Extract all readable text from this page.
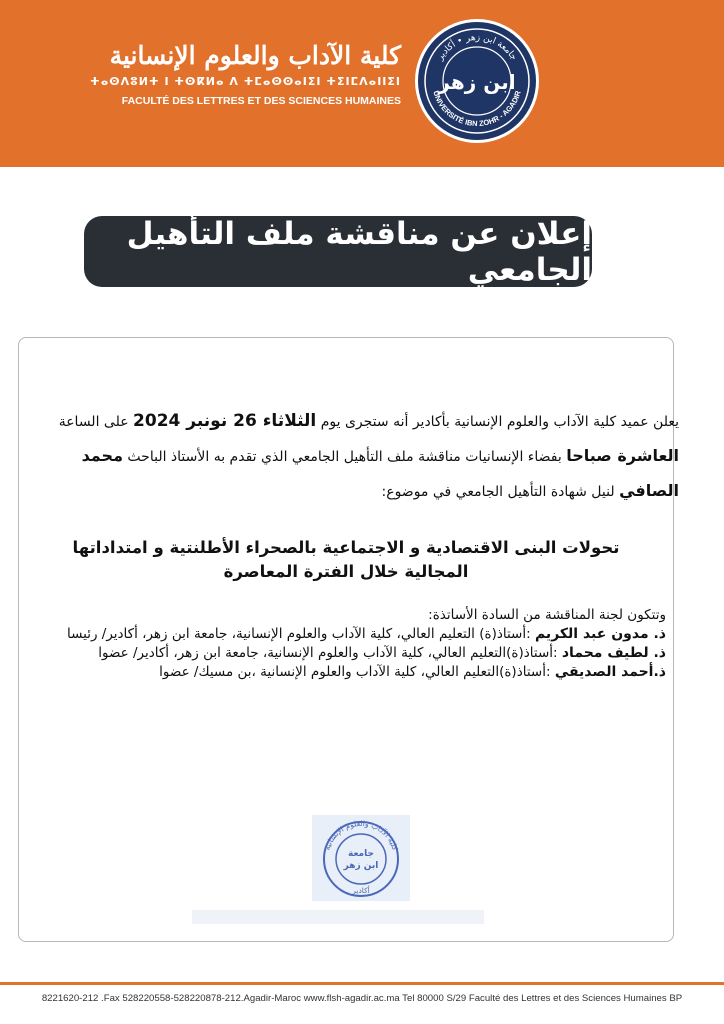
كلية الآداب والعلوم الإنسانية
ⵜⴰⵙⴷⵓⵍⵜ ⵏ ⵜⵙⴽⵍⴰ ⴷ ⵜⵎⴰⵙⵙⴰⵏⵉⵏ ⵜⵉⵏⵎⴷⴰⵏⵏⵉⵏ
FACULTÉ DES LETTRES ET DES SCIENCES HUMAINES
جامعة ابن زهر • أكادير
UNIVERSITÉ IBN ZOHR - AGADIR
ابن زهر
إعلان عن مناقشة ملف التأهيل الجامعي
يعلن عميد كلية الآداب والعلوم الإنسانية بأكادير أنه ستجرى يوم الثلاثاء 26 نونبر 2024 على الساعة العاشرة صباحا بفضاء الإنسانيات مناقشة ملف التأهيل الجامعي الذي تقدم به الأستاذ الباحث محمد الصافي لنيل شهادة التأهيل الجامعي في موضوع:
تحولات البنى الاقتصادية و الاجتماعية بالصحراء الأطلنتية و امتداداتها المجالية خلال الفترة المعاصرة
وتتكون لجنة المناقشة من السادة الأساتذة:
ذ. مدون عبد الكريم :أستاذ(ة) التعليم العالي، كلية الآداب والعلوم الإنسانية، جامعة ابن زهر، أكادير/ رئيسا
ذ. لطيف محماد :أستاذ(ة)التعليم العالي، كلية الآداب والعلوم الإنسانية، جامعة ابن زهر، أكادير/ عضوا
ذ.أحمد الصديقي :أستاذ(ة)التعليم العالي، كلية الآداب والعلوم الإنسانية ،بن مسيك/ عضوا
كلية الآداب والعلوم الإنسانية
جامعة
ابن زهر
أكادير
8221620-212 .Fax 528220558-528220878-212.Agadir-Maroc www.flsh-agadir.ac.ma Tel 80000 S/29 Faculté des Lettres et des Sciences Humaines BP
